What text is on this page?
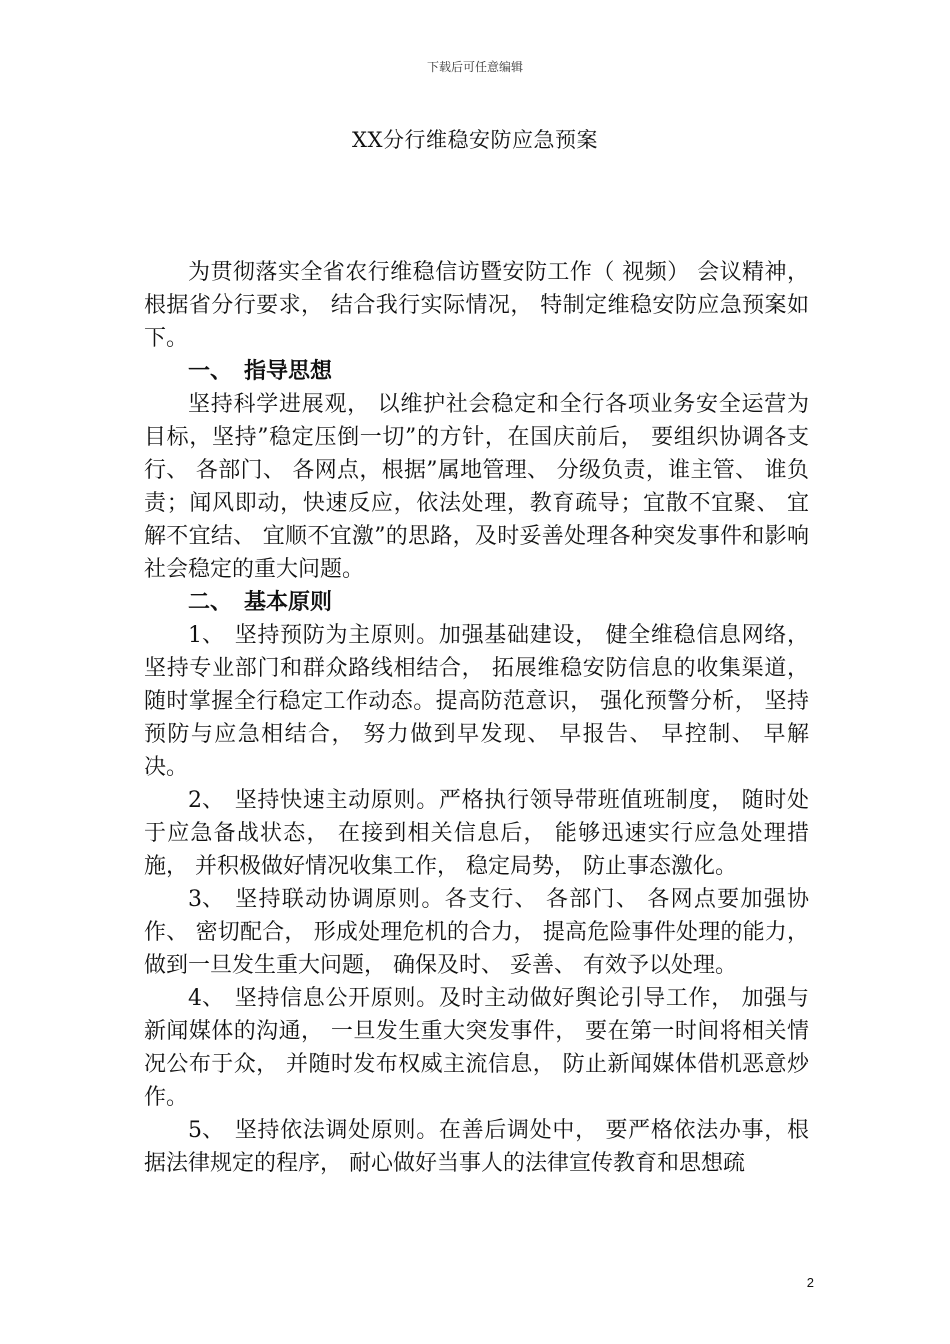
下载后可任意编辑
XX分行维稳安防应急预案

为贯彻落实全省农行维稳信访暨安防工作（ 视频） 会议精神，根据省分行要求， 结合我行实际情况， 特制定维稳安防应急预案如下。

一、 指导思想

坚持科学进展观， 以维护社会稳定和全行各项业务安全运营为目标，坚持”稳定压倒一切”的方针，在国庆前后， 要组织协调各支行、 各部门、 各网点，根据”属地管理、 分级负责，谁主管、 谁负责；闻风即动，快速反应，依法处理，教育疏导；宜散不宜聚、 宜解不宜结、 宜顺不宜激”的思路，及时妥善处理各种突发事件和影响社会稳定的重大问题。

二、 基本原则

1、 坚持预防为主原则。加强基础建设， 健全维稳信息网络，坚持专业部门和群众路线相结合， 拓展维稳安防信息的收集渠道，随时掌握全行稳定工作动态。提高防范意识， 强化预警分析， 坚持预防与应急相结合， 努力做到早发现、 早报告、 早控制、 早解决。

2、 坚持快速主动原则。严格执行领导带班值班制度， 随时处于应急备战状态， 在接到相关信息后， 能够迅速实行应急处理措施， 并积极做好情况收集工作， 稳定局势， 防止事态激化。

3、 坚持联动协调原则。各支行、 各部门、 各网点要加强协作、 密切配合， 形成处理危机的合力， 提高危险事件处理的能力， 做到一旦发生重大问题， 确保及时、 妥善、 有效予以处理。

4、 坚持信息公开原则。及时主动做好舆论引导工作， 加强与新闻媒体的沟通， 一旦发生重大突发事件， 要在第一时间将相关情况公布于众， 并随时发布权威主流信息， 防止新闻媒体借机恶意炒作。

5、 坚持依法调处原则。在善后调处中， 要严格依法办事，根据法律规定的程序， 耐心做好当事人的法律宣传教育和思想疏

2
